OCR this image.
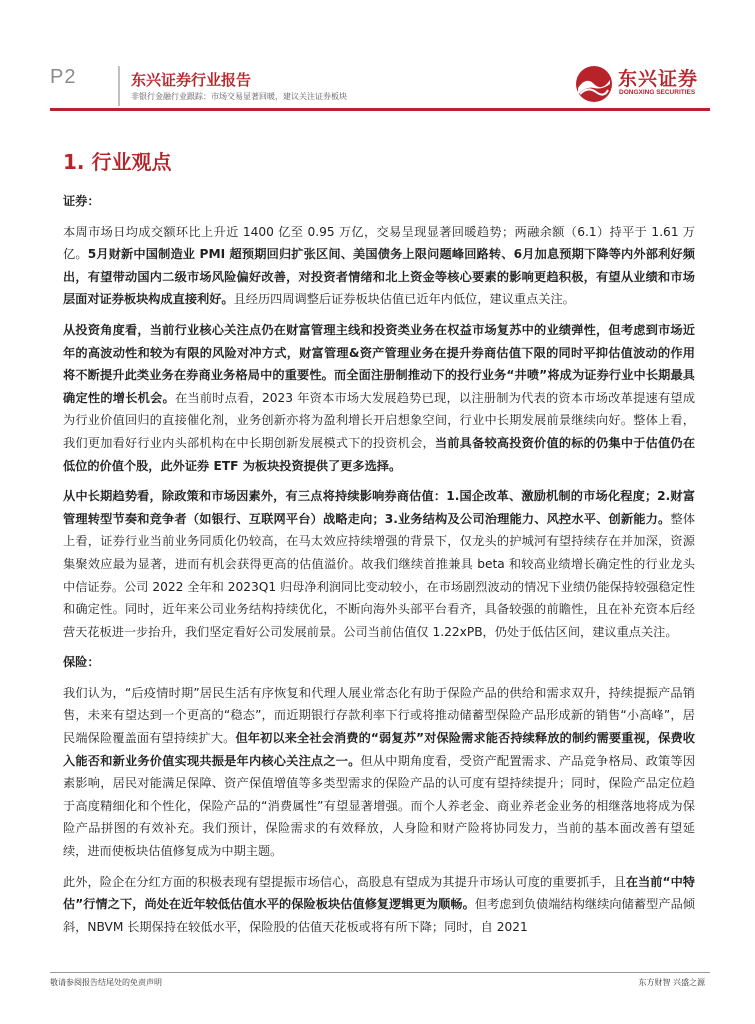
P2	东兴证券行业报告
非银行金融行业跟踪：市场交易显著回暖，建议关注证券板块
东兴证券
DONGXING SECURITIES
1. 行业观点

证券：

本周市场日均成交额环比上升近 1400 亿至 0.95 万亿，交易呈现显著回暖趋势；两融余额（6.1）持平于 1.61 万亿。5月财新中国制造业 PMI 超预期回归扩张区间、美国债务上限问题峰回路转、6月加息预期下降等内外部利好频出，有望带动国内二级市场风险偏好改善，对投资者情绪和北上资金等核心要素的影响更趋积极，有望从业绩和市场层面对证券板块构成直接利好。且经历四周调整后证券板块估值已近年内低位，建议重点关注。

从投资角度看，当前行业核心关注点仍在财富管理主线和投资类业务在权益市场复苏中的业绩弹性，但考虑到市场近年的高波动性和较为有限的风险对冲方式，财富管理&资产管理业务在提升券商估值下限的同时平抑估值波动的作用将不断提升此类业务在券商业务格局中的重要性。而全面注册制推动下的投行业务“井喷”将成为证券行业中长期最具确定性的增长机会。在当前时点看，2023 年资本市场大发展趋势已现，以注册制为代表的资本市场改革提速有望成为行业价值回归的直接催化剂，业务创新亦将为盈利增长开启想象空间，行业中长期发展前景继续向好。整体上看，我们更加看好行业内头部机构在中长期创新发展模式下的投资机会，当前具备较高投资价值的标的仍集中于估值仍在低位的价值个股，此外证券 ETF 为板块投资提供了更多选择。

从中长期趋势看，除政策和市场因素外，有三点将持续影响券商估值：1.国企改革、激励机制的市场化程度；2.财富管理转型节奏和竞争者（如银行、互联网平台）战略走向；3.业务结构及公司治理能力、风控水平、创新能力。整体上看，证券行业当前业务同质化仍较高，在马太效应持续增强的背景下，仅龙头的护城河有望持续存在并加深，资源集聚效应最为显著，进而有机会获得更高的估值溢价。故我们继续首推兼具 beta 和较高业绩增长确定性的行业龙头中信证券。公司 2022 全年和 2023Q1 归母净利润同比变动较小，在市场剧烈波动的情况下业绩仍能保持较强稳定性和确定性。同时，近年来公司业务结构持续优化，不断向海外头部平台看齐，具备较强的前瞻性，且在补充资本后经营天花板进一步抬升，我们坚定看好公司发展前景。公司当前估值仅 1.22xPB，仍处于低估区间，建议重点关注。

保险：

我们认为，“后疫情时期”居民生活有序恢复和代理人展业常态化有助于保险产品的供给和需求双升，持续提振产品销售，未来有望达到一个更高的“稳态”，而近期银行存款利率下行或将推动储蓄型保险产品形成新的销售“小高峰”，居民端保险覆盖面有望持续扩大。但年初以来全社会消费的“弱复苏”对保险需求能否持续释放的制约需要重视，保费收入能否和新业务价值实现共振是年内核心关注点之一。但从中期角度看，受资产配置需求、产品竞争格局、政策等因素影响，居民对能满足保障、资产保值增值等多类型需求的保险产品的认可度有望持续提升；同时，保险产品定位趋于高度精细化和个性化，保险产品的“消费属性”有望显著增强。而个人养老金、商业养老金业务的相继落地将成为保险产品拼图的有效补充。我们预计，保险需求的有效释放，人身险和财产险将协同发力，当前的基本面改善有望延续，进而使板块估值修复成为中期主题。

此外，险企在分红方面的积极表现有望提振市场信心，高股息有望成为其提升市场认可度的重要抓手，且在当前“中特估”行情之下，尚处在近年较低估值水平的保险板块估值修复逻辑更为顺畅。但考虑到负债端结构继续向储蓄型产品倾斜，NBVM 长期保持在较低水平，保险股的估值天花板或将有所下降；同时，自 2021

敬请参阅报告结尾处的免责声明	东方财智 兴盛之源
